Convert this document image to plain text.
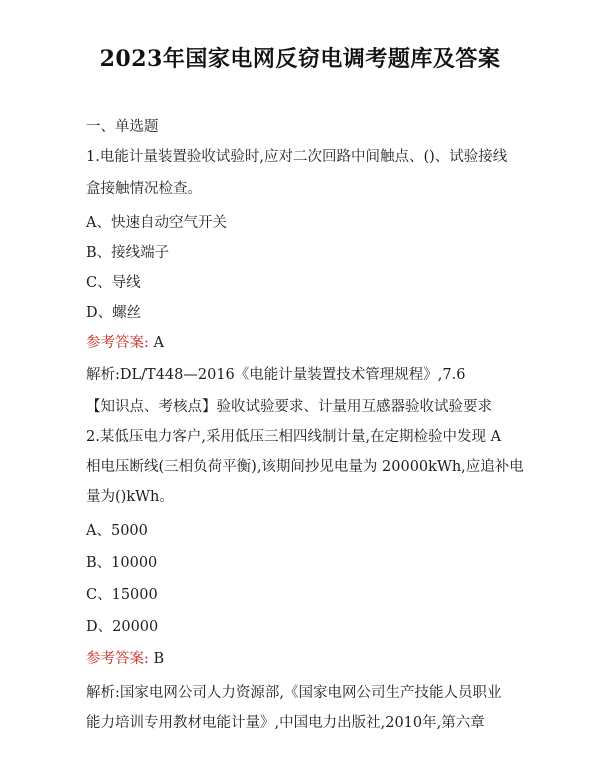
2023年国家电网反窃电调考题库及答案
一、单选题
1.电能计量装置验收试验时,应对二次回路中间触点、()、试验接线
盒接触情况检查。
A、快速自动空气开关
B、接线端子
C、导线
D、螺丝
参考答案: A
解析:DL/T448—2016《电能计量装置技术管理规程》,7.6
【知识点、考核点】验收试验要求、计量用互感器验收试验要求
2.某低压电力客户,采用低压三相四线制计量,在定期检验中发现 A
相电压断线(三相负荷平衡),该期间抄见电量为 20000kWh,应追补电
量为()kWh。
A、5000
B、10000
C、15000
D、20000
参考答案: B
解析:国家电网公司人力资源部,《国家电网公司生产技能人员职业
能力培训专用教材电能计量》,中国电力出版社,2010年,第六章
